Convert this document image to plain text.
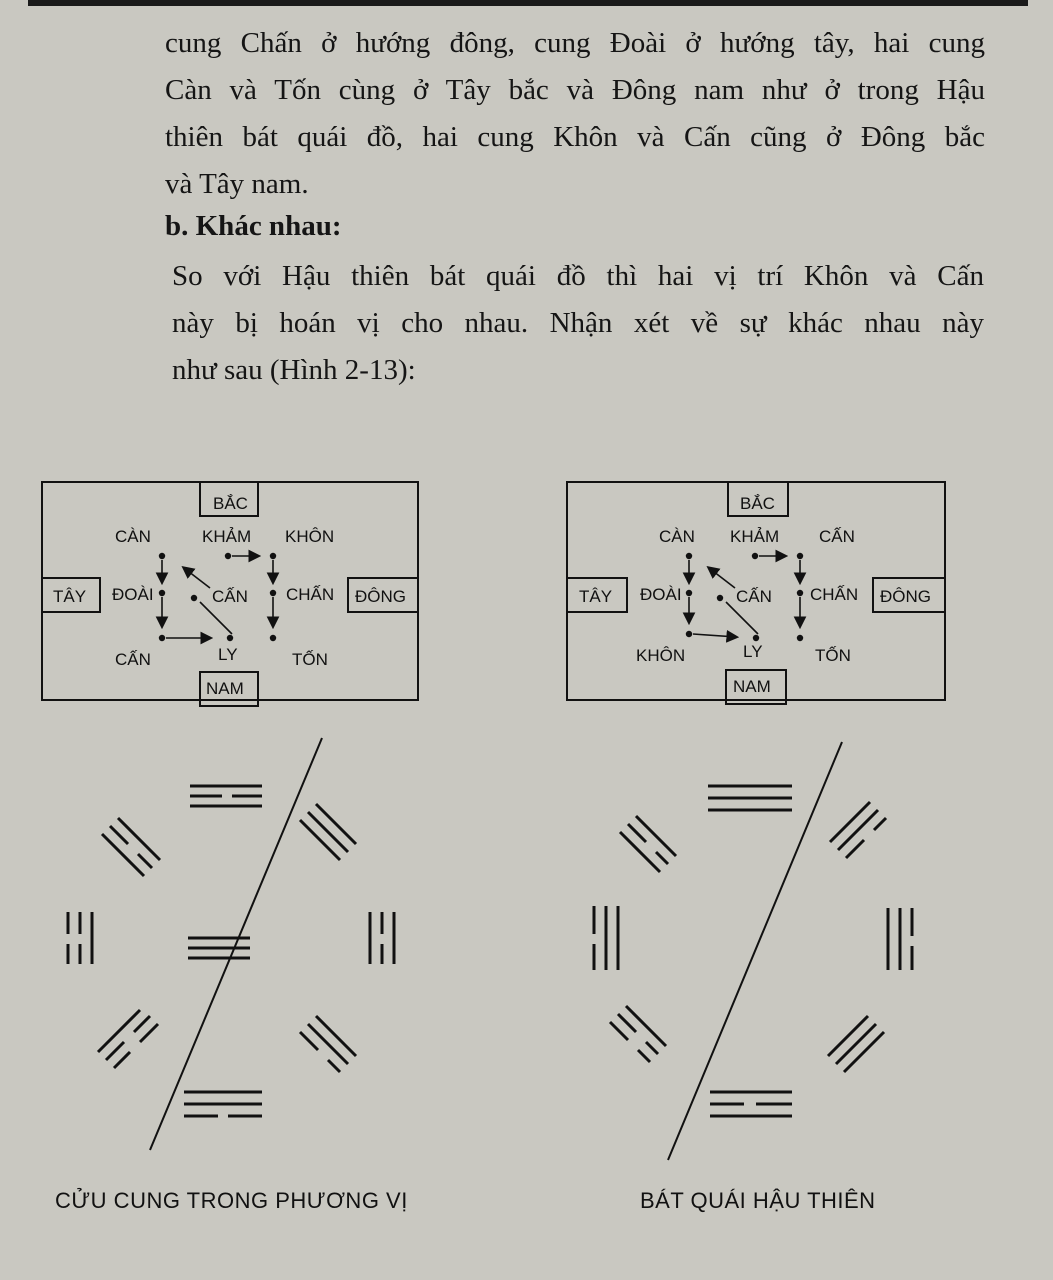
cung Chấn ở hướng đông, cung Đoài ở hướng tây, hai cung
Càn và Tốn cùng ở Tây bắc và Đông nam như ở trong Hậu
thiên bát quái đồ, hai cung Khôn và Cấn cũng ở Đông bắc
và Tây nam.
b. Khác nhau:
So với Hậu thiên bát quái đồ thì hai vị trí Khôn và Cấn
này bị hoán vị cho nhau. Nhận xét về sự khác nhau này
như sau (Hình 2-13):
BẮC
NAM
TÂY	ĐÔNG
CÀN	KHẢM KHÔN
ĐOÀI	CẤN CHẤN
CẤN	LY	TỐN
BẮC
NAM
TÂY	ĐÔNG
CÀN KHẢM CẤN
ĐOÀI	CẤN CHẤN
KHÔN	LY	TỐN
CỬU CUNG TRONG PHƯƠNG VỊ	BÁT QUÁI HẬU THIÊN
